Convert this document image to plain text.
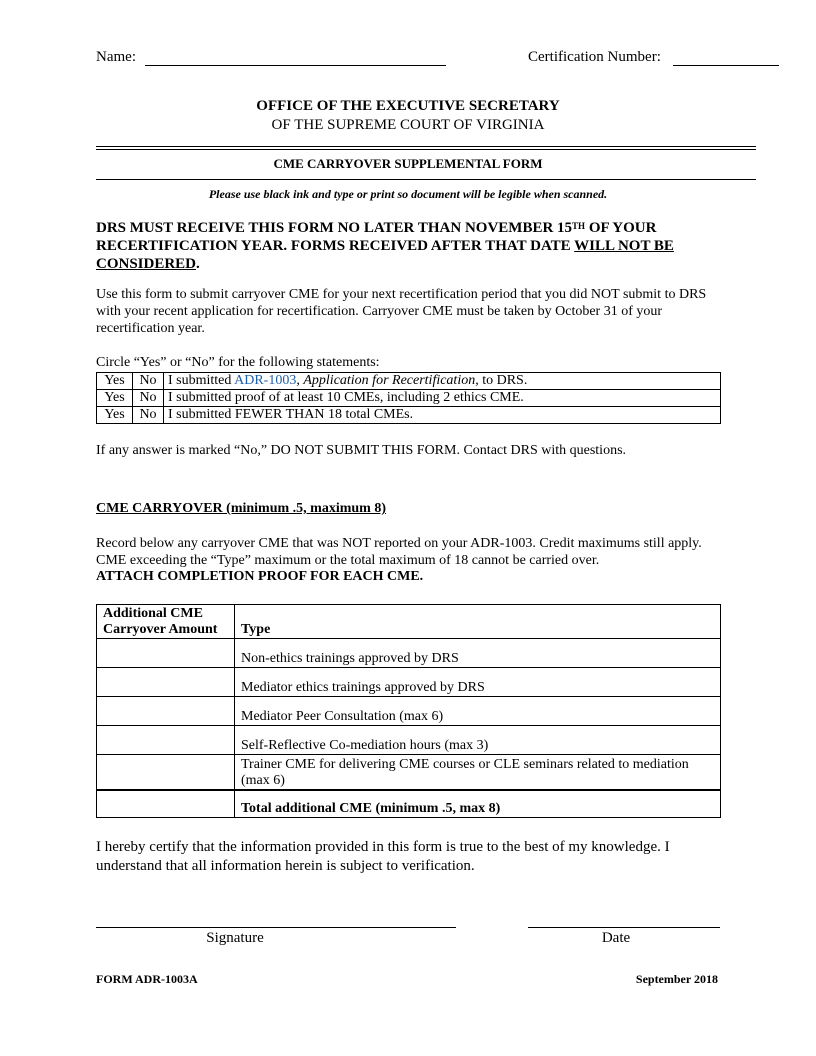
Name:	Certification Number:
OFFICE OF THE EXECUTIVE SECRETARY
OF THE SUPREME COURT OF VIRGINIA
CME CARRYOVER SUPPLEMENTAL FORM
Please use black ink and type or print so document will be legible when scanned.
DRS MUST RECEIVE THIS FORM NO LATER THAN NOVEMBER 15TH OF YOUR RECERTIFICATION YEAR. FORMS RECEIVED AFTER THAT DATE WILL NOT BE CONSIDERED.
Use this form to submit carryover CME for your next recertification period that you did NOT submit to DRS with your recent application for recertification. Carryover CME must be taken by October 31 of your recertification year.
Circle “Yes” or “No” for the following statements:
Yes	No	I submitted ADR-1003, Application for Recertification, to DRS.
Yes	No	I submitted proof of at least 10 CMEs, including 2 ethics CME.
Yes	No	I submitted FEWER THAN 18 total CMEs.
If any answer is marked “No,” DO NOT SUBMIT THIS FORM. Contact DRS with questions.
CME CARRYOVER (minimum .5, maximum 8)
Record below any carryover CME that was NOT reported on your ADR-1003. Credit maximums still apply. CME exceeding the “Type” maximum or the total maximum of 18 cannot be carried over.
ATTACH COMPLETION PROOF FOR EACH CME.
Additional CME
Carryover Amount	Type
	Non-ethics trainings approved by DRS
	Mediator ethics trainings approved by DRS
	Mediator Peer Consultation (max 6)
	Self-Reflective Co-mediation hours (max 3)
	Trainer CME for delivering CME courses or CLE seminars related to mediation (max 6)
	Total additional CME (minimum .5, max 8)
I hereby certify that the information provided in this form is true to the best of my knowledge. I understand that all information herein is subject to verification.
Signature	Date
FORM ADR-1003A	September 2018
